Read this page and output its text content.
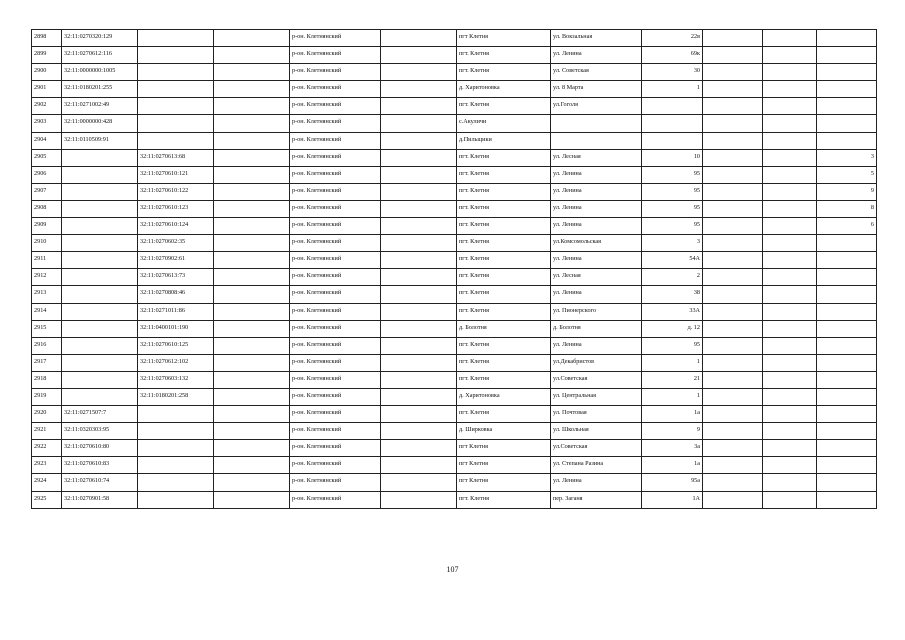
2898	32:11:0270320:129			р-он. Клетнянский		пгт Клетня	ул. Вокзальная	22в			
2899	32:11:0270612:116			р-он. Клетнянский		пгт. Клетня	ул. Ленина	69к			
2900	32:11:0000000:1005			р-он. Клетнянский		пгт. Клетня	ул. Советская	30			
2901	32:11:0180201:255			р-он. Клетнянский		д. Харитоновка	ул. 8 Марта	1			
2902	32:11:0271002:49			р-он. Клетнянский		пгт. Клетня	ул.Гоголя				
2903	32:11:0000000:428			р-он. Клетнянский		с.Акуличи					
2904	32:11:0110509:91			р-он. Клетнянский		д.Пильщики					
2905		32:11:0270613:68		р-он. Клетнянский		пгт. Клетня	ул. Лесная	10			3
2906		32:11:0270610:121		р-он. Клетнянский		пгт. Клетня	ул. Ленина	95			5
2907		32:11:0270610:122		р-он. Клетнянский		пгт. Клетня	ул. Ленина	95			9
2908		32:11:0270610:123		р-он. Клетнянский		пгт. Клетня	ул. Ленина	95			8
2909		32:11:0270610:124		р-он. Клетнянский		пгт. Клетня	ул. Ленина	95			6
2910		32:11:0270602:35		р-он. Клетнянский		пгт. Клетня	ул.Комсомольская	3			
2911		32:11:0270902:61		р-он. Клетнянский		пгт. Клетня	ул. Ленина	54А			
2912		32:11:0270613:73		р-он. Клетнянский		пгт. Клетня	ул. Лесная	2			
2913		32:11:0270808:46		р-он. Клетнянский		пгт. Клетня	ул. Ленина	38			
2914		32:11:0271011:86		р-он. Клетнянский		пгт. Клетня	ул. Пионерского	33А			
2915		32:11:0400101:190		р-он. Клетнянский		д. Болотня	д. Болотня	д. 12			
2916		32:11:0270610:125		р-он. Клетнянский		пгт. Клетня	ул. Ленина	95			
2917		32:11:0270612:102		р-он. Клетнянский		пгт. Клетня	ул.Декабристов	1			
2918		32:11:0270603:132		р-он. Клетнянский		пгт. Клетня	ул.Советская	21			
2919		32:11:0180201:258		р-он. Клетнянский		д. Харитоновка	ул. Центральная	1			
2920	32:11:0271507:7			р-он. Клетнянский		пгт. Клетня	ул. Почтовая	1а			
2921	32:11:0320303:95			р-он. Клетнянский		д. Ширковка	ул. Школьная	9			
2922	32:11:0270610:80			р-он. Клетнянский		пгт Клетня	ул.Советская	3а			
2923	32:11:0270610:83			р-он. Клетнянский		пгт Клетня	ул. Степана Разина	1а			
2924	32:11:0270610:74			р-он. Клетнянский		пгт Клетня	ул. Ленина	95а			
2925	32:11:0270901:58			р-он. Клетнянский		пгт. Клетня	пер. Заганя	1А			
107
